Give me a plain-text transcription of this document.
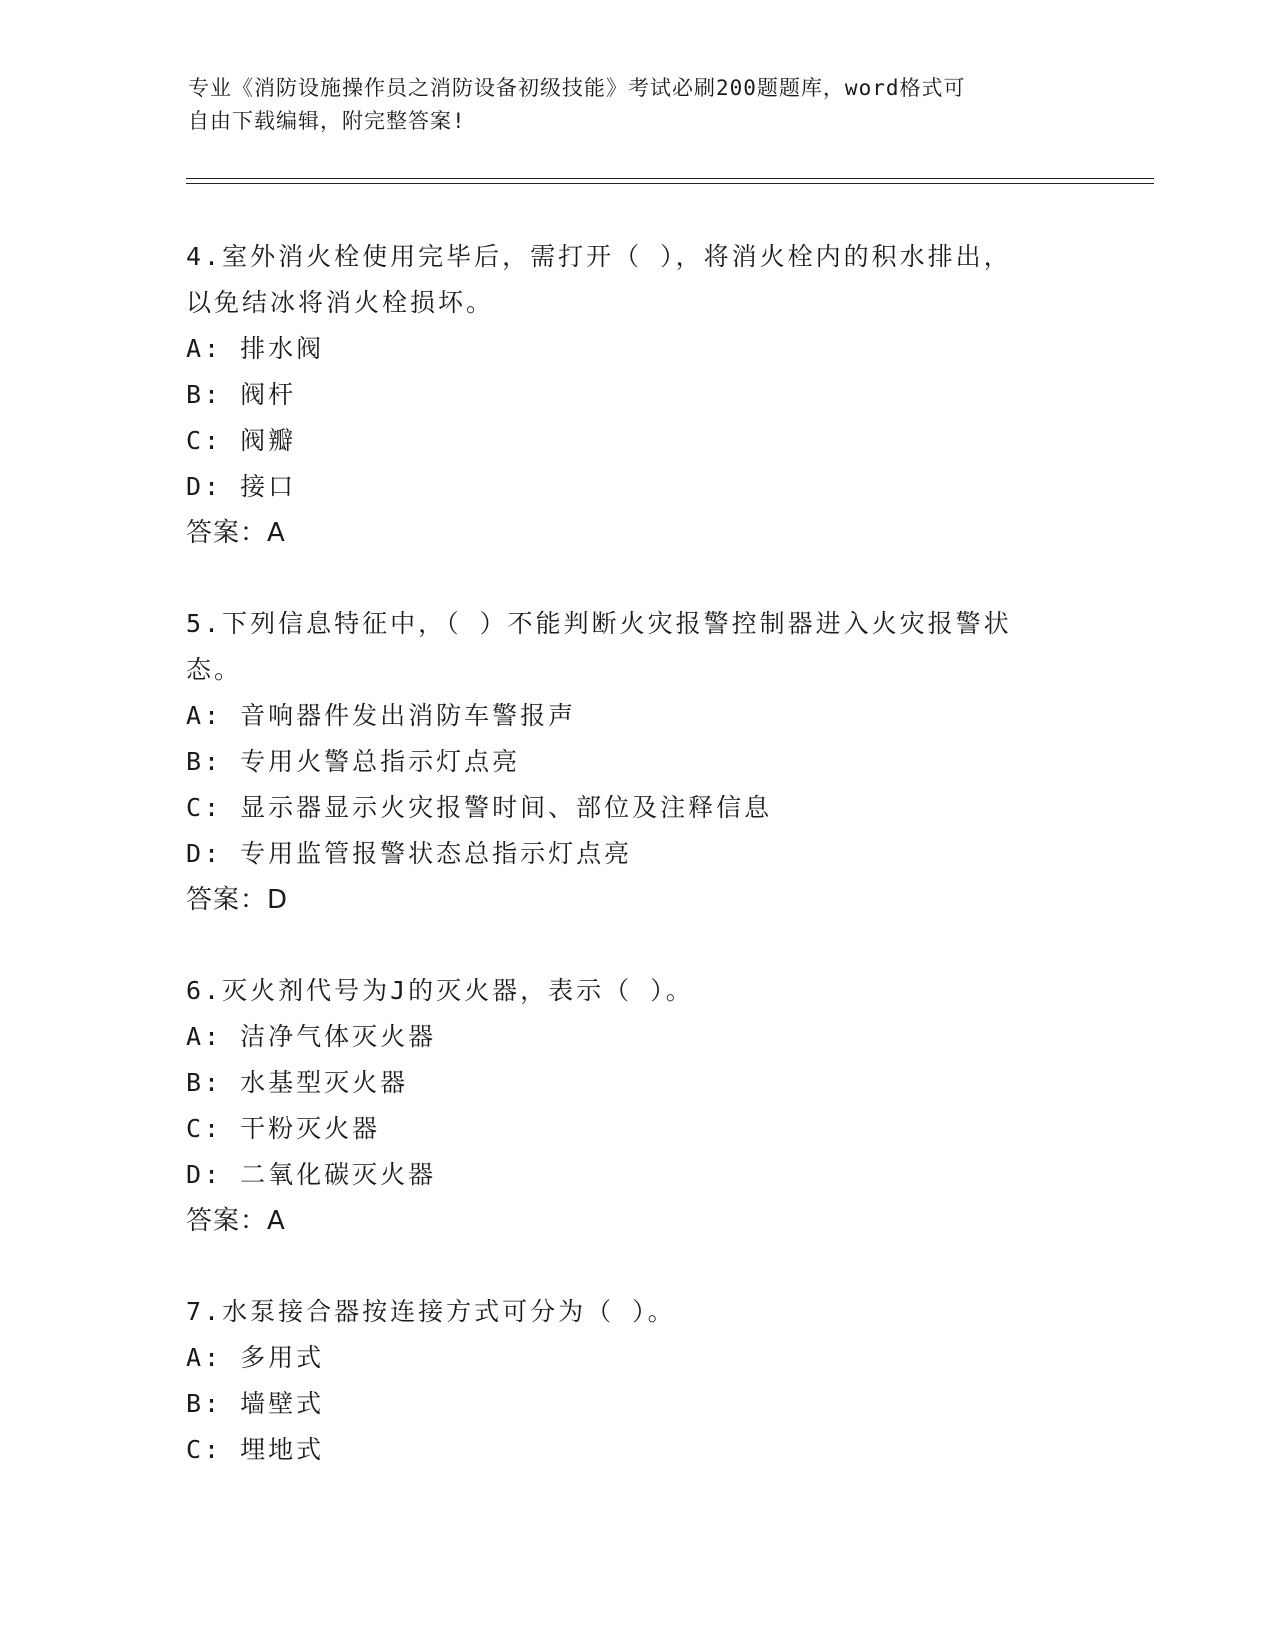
专业《消防设施操作员之消防设备初级技能》考试必刷200题题库，word格式可
自由下载编辑，附完整答案!
4.室外消火栓使用完毕后，需打开（ ），将消火栓内的积水排出，
以免结冰将消火栓损坏。
A: 排水阀
B: 阀杆
C: 阀瓣
D: 接口
答案：A
5.下列信息特征中，（ ）不能判断火灾报警控制器进入火灾报警状
态。
A: 音响器件发出消防车警报声
B: 专用火警总指示灯点亮
C: 显示器显示火灾报警时间、部位及注释信息
D: 专用监管报警状态总指示灯点亮
答案：D
6.灭火剂代号为J的灭火器，表示（ ）。
A: 洁净气体灭火器
B: 水基型灭火器
C: 干粉灭火器
D: 二氧化碳灭火器
答案：A
7.水泵接合器按连接方式可分为（ ）。
A: 多用式
B: 墙壁式
C: 埋地式
